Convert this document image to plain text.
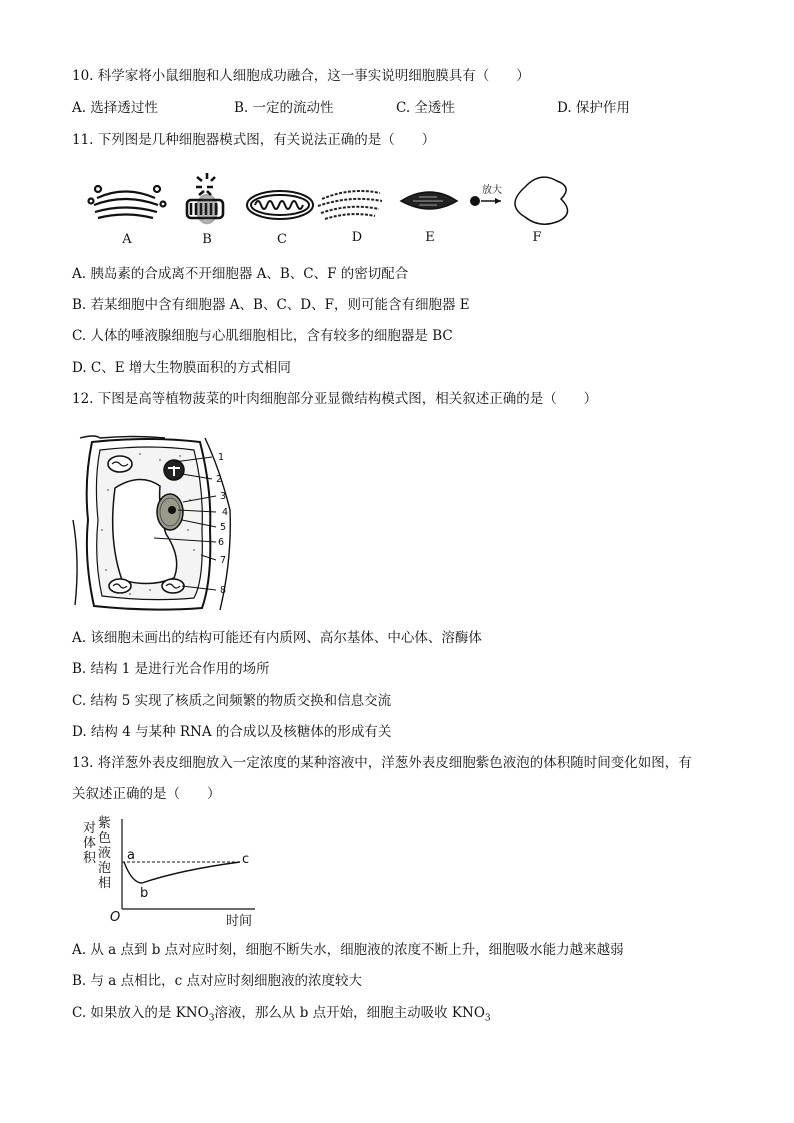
10. 科学家将小鼠细胞和人细胞成功融合，这一事实说明细胞膜具有（　　）
A. 选择透过性	B. 一定的流动性	C. 全透性	D. 保护作用
11. 下列图是几种细胞器模式图，有关说法正确的是（　　）
放大
A	B	C	D	E	F
A. 胰岛素的合成离不开细胞器 A、B、C、F 的密切配合
B. 若某细胞中含有细胞器 A、B、C、D、F，则可能含有细胞器 E
C. 人体的唾液腺细胞与心肌细胞相比，含有较多的细胞器是 BC
D. C、E 增大生物膜面积的方式相同
12. 下图是高等植物菠菜的叶肉细胞部分亚显微结构模式图，相关叙述正确的是（　　）
1
2
3
4
5
6
7
8
A. 该细胞未画出的结构可能还有内质网、高尔基体、中心体、溶酶体
B. 结构 1 是进行光合作用的场所
C. 结构 5 实现了核质之间频繁的物质交换和信息交流
D. 结构 4 与某种 RNA 的合成以及核糖体的形成有关
13. 将洋葱外表皮细胞放入一定浓度的某种溶液中，洋葱外表皮细胞紫色液泡的体积随时间变化如图，有
关叙述正确的是（　　）
紫
色
液
泡
相
对
体
积 a
b
c
O	时间
A. 从 a 点到 b 点对应时刻，细胞不断失水，细胞液的浓度不断上升，细胞吸水能力越来越弱
B. 与 a 点相比，c 点对应时刻细胞液的浓度较大
C. 如果放入的是 $KNO_3$溶液，那么从 b 点开始，细胞主动吸收 $KNO_3$
